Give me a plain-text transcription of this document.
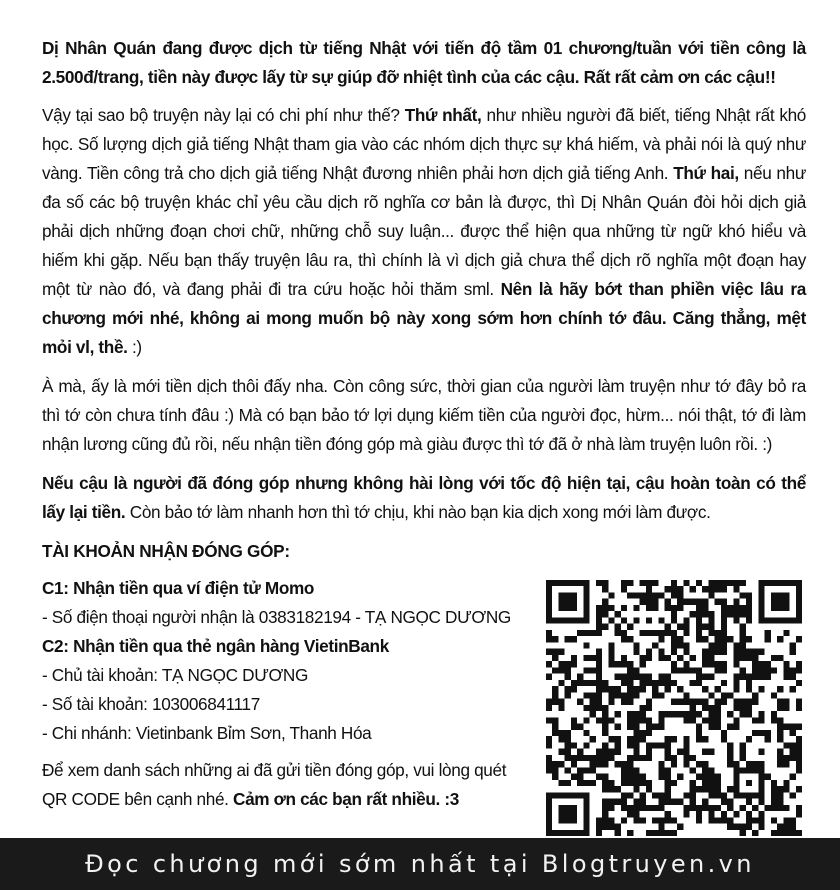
Dị Nhân Quán đang được dịch từ tiếng Nhật với tiến độ tầm 01 chương/tuần với tiền công là 2.500đ/trang, tiền này được lấy từ sự giúp đỡ nhiệt tình của các cậu. Rất rất cảm ơn các cậu!!

Vậy tại sao bộ truyện này lại có chi phí như thế? Thứ nhất, như nhiều người đã biết, tiếng Nhật rất khó học. Số lượng dịch giả tiếng Nhật tham gia vào các nhóm dịch thực sự khá hiếm, và phải nói là quý như vàng. Tiền công trả cho dịch giả tiếng Nhật đương nhiên phải hơn dịch giả tiếng Anh. Thứ hai, nếu như đa số các bộ truyện khác chỉ yêu cầu dịch rõ nghĩa cơ bản là được, thì Dị Nhân Quán đòi hỏi dịch giả phải dịch những đoạn chơi chữ, những chỗ suy luận... được thể hiện qua những từ ngữ khó hiểu và hiếm khi gặp. Nếu bạn thấy truyện lâu ra, thì chính là vì dịch giả chưa thể dịch rõ nghĩa một đoạn hay một từ nào đó, và đang phải đi tra cứu hoặc hỏi thăm sml. Nên là hãy bớt than phiền việc lâu ra chương mới nhé, không ai mong muốn bộ này xong sớm hơn chính tớ đâu. Căng thẳng, mệt mỏi vl, thề. :)

À mà, ấy là mới tiền dịch thôi đấy nha. Còn công sức, thời gian của người làm truyện như tớ đây bỏ ra thì tớ còn chưa tính đâu :) Mà có bạn bảo tớ lợi dụng kiếm tiền của người đọc, hừm... nói thật, tớ đi làm nhận lương cũng đủ rồi, nếu nhận tiền đóng góp mà giàu được thì tớ đã ở nhà làm truyện luôn rồi. :)

Nếu cậu là người đã đóng góp nhưng không hài lòng với tốc độ hiện tại, cậu hoàn toàn có thể lấy lại tiền. Còn bảo tớ làm nhanh hơn thì tớ chịu, khi nào bạn kia dịch xong mới làm được.

TÀI KHOẢN NHẬN ĐÓNG GÓP:
C1: Nhận tiền qua ví điện tử Momo
- Số điện thoại người nhận là 0383182194 - TẠ NGỌC DƯƠNG
C2: Nhận tiền qua thẻ ngân hàng VietinBank
- Chủ tài khoản: TẠ NGỌC DƯƠNG
- Số tài khoản: 103006841117
- Chi nhánh: Vietinbank Bỉm Sơn, Thanh Hóa
Để xem danh sách những ai đã gửi tiền đóng góp, vui lòng quét QR CODE bên cạnh nhé. Cảm ơn các bạn rất nhiều. :3
Đọc chương mới sớm nhất tại Blogtruyen.vn
